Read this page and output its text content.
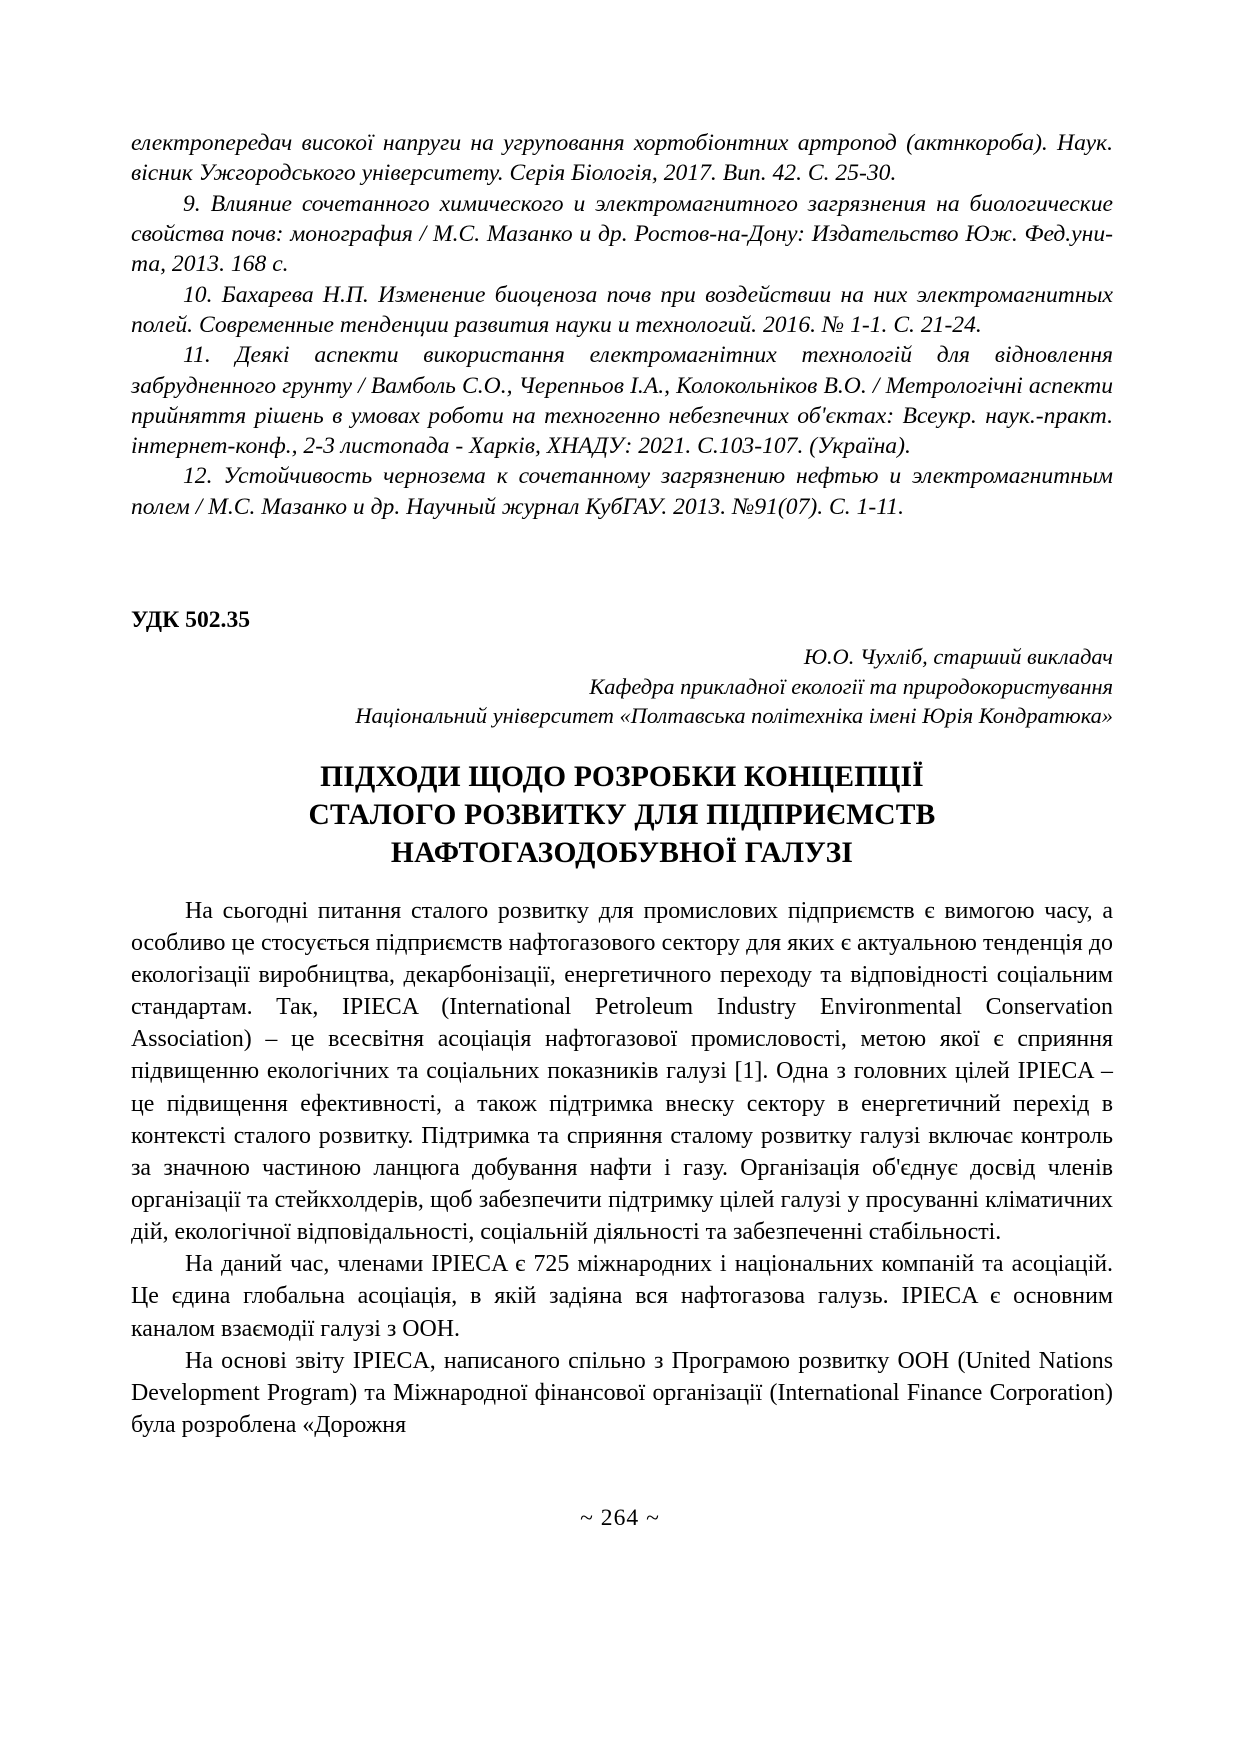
електропередач високої напруги на угруповання хортобіонтних артропод (актнкороба). Наук. вісник Ужгородського університету. Серія Біологія, 2017. Вип. 42. С. 25-30.

9. Влияние сочетанного химического и электромагнитного загрязнения на биологические свойства почв: монография / М.С. Мазанко и др. Ростов-на-Дону: Издательство Юж. Фед.уни-та, 2013. 168 с.

10. Бахарева Н.П. Изменение биоценоза почв при воздействии на них электромагнитных полей. Современные тенденции развития науки и технологий. 2016. № 1-1. С. 21-24.

11. Деякі аспекти використання електромагнітних технологій для відновлення забрудненного грунту / Вамболь С.О., Черепньов І.А., Колокольніков В.О. / Метрологічні аспекти прийняття рішень в умовах роботи на техногенно небезпечних об'єктах: Всеукр. наук.-практ. інтернет-конф., 2-3 листопада - Харків, ХНАДУ: 2021. С.103-107. (Україна).

12. Устойчивость чернозема к сочетанному загрязнению нефтью и электромагнитным полем / М.С. Мазанко и др. Научный журнал КубГАУ. 2013. №91(07). С. 1-11.

УДК 502.35
Ю.О. Чухліб, старший викладач
Кафедра прикладної екології та природокористування
Національний університет «Полтавська політехніка імені Юрія Кондратюка»
ПІДХОДИ ЩОДО РОЗРОБКИ КОНЦЕПЦІЇ
СТАЛОГО РОЗВИТКУ ДЛЯ ПІДПРИЄМСТВ
НАФТОГАЗОДОБУВНОЇ ГАЛУЗІ

На сьогодні питання сталого розвитку для промислових підприємств є вимогою часу, а особливо це стосується підприємств нафтогазового сектору для яких є актуальною тенденція до екологізації виробництва, декарбонізації, енергетичного переходу та відповідності соціальним стандартам. Так, IPIECA (International Petroleum Industry Environmental Conservation Association) – це всесвітня асоціація нафтогазової промисловості, метою якої є сприяння підвищенню екологічних та соціальних показників галузі [1]. Одна з головних цілей IPIECA – це підвищення ефективності, а також підтримка внеску сектору в енергетичний перехід в контексті сталого розвитку. Підтримка та сприяння сталому розвитку галузі включає контроль за значною частиною ланцюга добування нафти і газу. Організація об'єднує досвід членів організації та стейкхолдерів, щоб забезпечити підтримку цілей галузі у просуванні кліматичних дій, екологічної відповідальності, соціальній діяльності та забезпеченні стабільності.

На даний час, членами IPIECA є 725 міжнародних і національних компаній та асоціацій. Це єдина глобальна асоціація, в якій задіяна вся нафтогазова галузь. IPIECA є основним каналом взаємодії галузі з ООН.

На основі звіту IPIECA, написаного спільно з Програмою розвитку ООН (United Nations Development Program) та Міжнародної фінансової організації (International Finance Corporation) була розроблена «Дорожня

~ 264 ~
